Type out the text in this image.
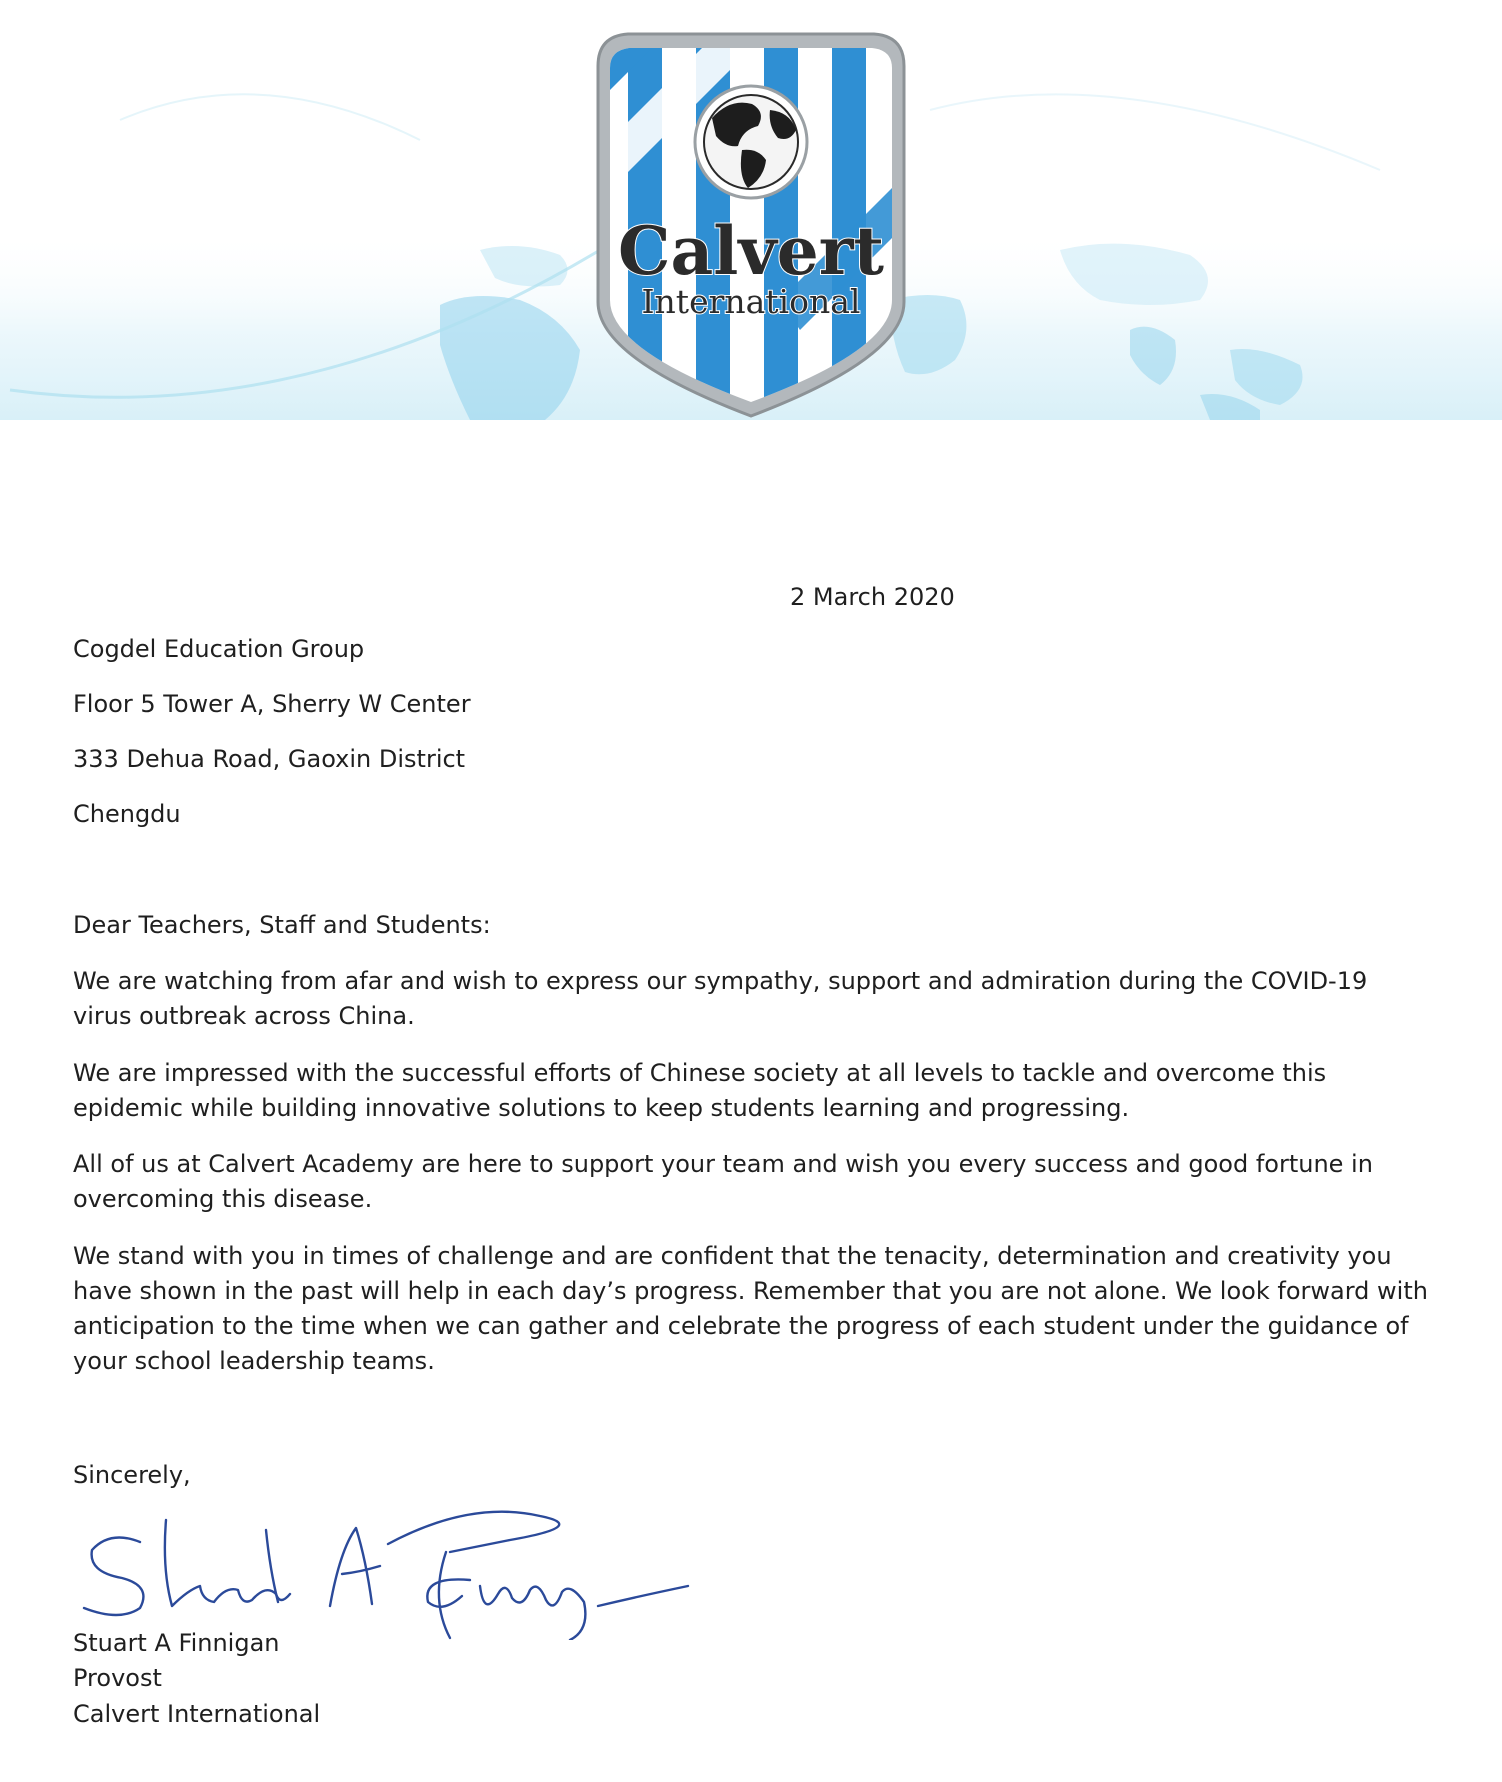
Calvert
International
2 March 2020
Cogdel Education Group
Floor 5 Tower A, Sherry W Center
333 Dehua Road, Gaoxin District
Chengdu
Dear Teachers, Staff and Students:

We are watching from afar and wish to express our sympathy, support and admiration during the COVID-19 virus outbreak across China.

We are impressed with the successful efforts of Chinese society at all levels to tackle and overcome this epidemic while building innovative solutions to keep students learning and progressing.

All of us at Calvert Academy are here to support your team and wish you every success and good fortune in overcoming this disease.

We stand with you in times of challenge and are confident that the tenacity, determination and creativity you have shown in the past will help in each day’s progress. Remember that you are not alone. We look forward with anticipation to the time when we can gather and celebrate the progress of each student under the guidance of your school leadership teams.

Sincerely,
Stuart A Finnigan
Provost
Calvert International
